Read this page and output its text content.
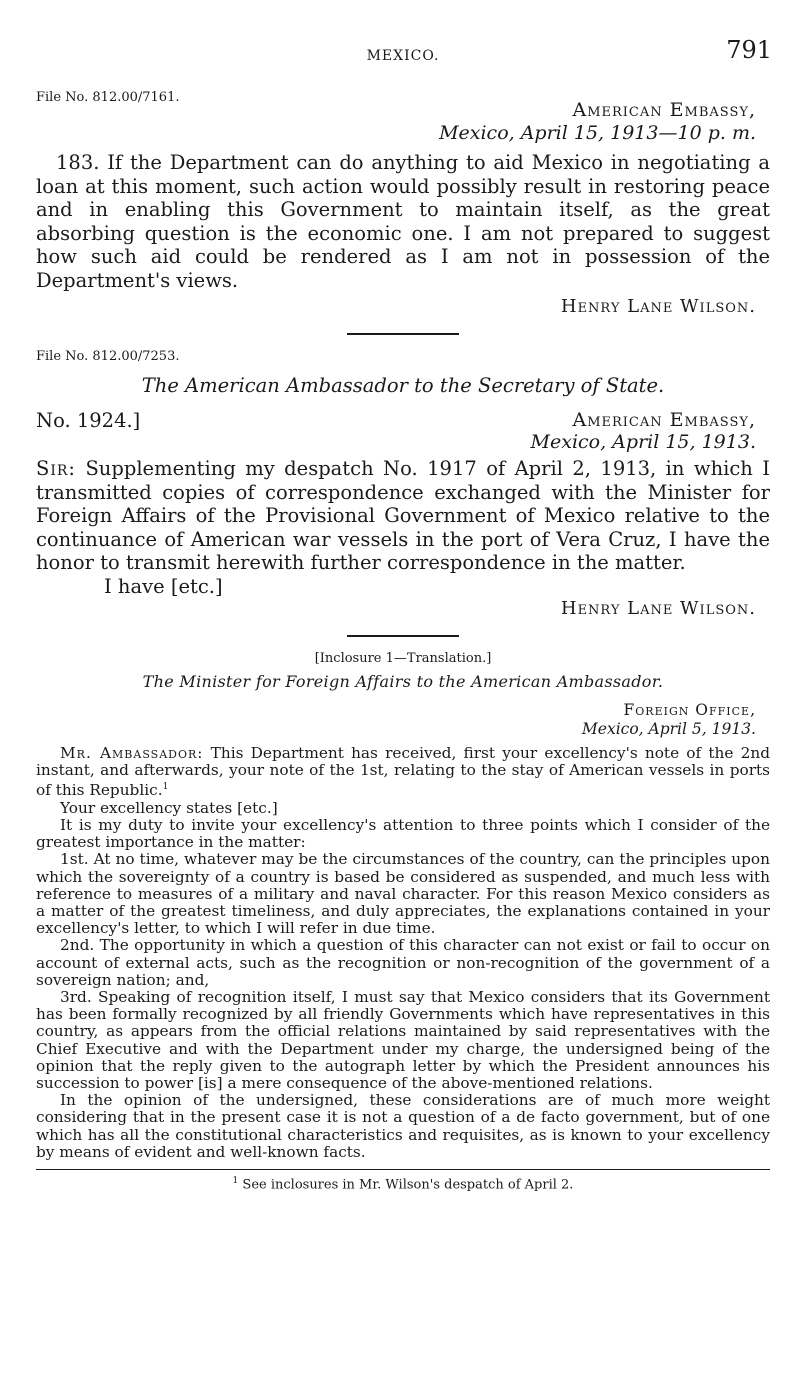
MEXICO.	791

File No. 812.00/7161.

American Embassy,
Mexico, April 15, 1913—10 p. m.

183. If the Department can do anything to aid Mexico in negotiating a loan at this moment, such action would possibly result in restoring peace and in enabling this Government to maintain itself, as the great absorbing question is the economic one. I am not prepared to suggest how such aid could be rendered as I am not in possession of the Department's views.

Henry Lane Wilson.

File No. 812.00/7253.

The American Ambassador to the Secretary of State.
No. 1924.]	American Embassy,
Mexico, April 15, 1913.

Sir: Supplementing my despatch No. 1917 of April 2, 1913, in which I transmitted copies of correspondence exchanged with the Minister for Foreign Affairs of the Provisional Government of Mexico relative to the continuance of American war vessels in the port of Vera Cruz, I have the honor to transmit herewith further correspondence in the matter.

I have [etc.]

Henry Lane Wilson.

[Inclosure 1—Translation.]
The Minister for Foreign Affairs to the American Ambassador.
Foreign Office,
Mexico, April 5, 1913.

Mr. Ambassador: This Department has received, first your excellency's note of the 2nd instant, and afterwards, your note of the 1st, relating to the stay of American vessels in ports of this Republic.$^1$

Your excellency states [etc.]

It is my duty to invite your excellency's attention to three points which I consider of the greatest importance in the matter:

1st. At no time, whatever may be the circumstances of the country, can the principles upon which the sovereignty of a country is based be considered as suspended, and much less with reference to measures of a military and naval character. For this reason Mexico considers as a matter of the greatest timeliness, and duly appreciates, the explanations contained in your excellency's letter, to which I will refer in due time.

2nd. The opportunity in which a question of this character can not exist or fail to occur on account of external acts, such as the recognition or non-recognition of the government of a sovereign nation; and,

3rd. Speaking of recognition itself, I must say that Mexico considers that its Government has been formally recognized by all friendly Governments which have representatives in this country, as appears from the official relations maintained by said representatives with the Chief Executive and with the Department under my charge, the undersigned being of the opinion that the reply given to the autograph letter by which the President announces his succession to power [is] a mere consequence of the above-mentioned relations.

In the opinion of the undersigned, these considerations are of much more weight considering that in the present case it is not a question of a de facto government, but of one which has all the constitutional characteristics and requisites, as is known to your excellency by means of evident and well-known facts.

$^1$ See inclosures in Mr. Wilson's despatch of April 2.
